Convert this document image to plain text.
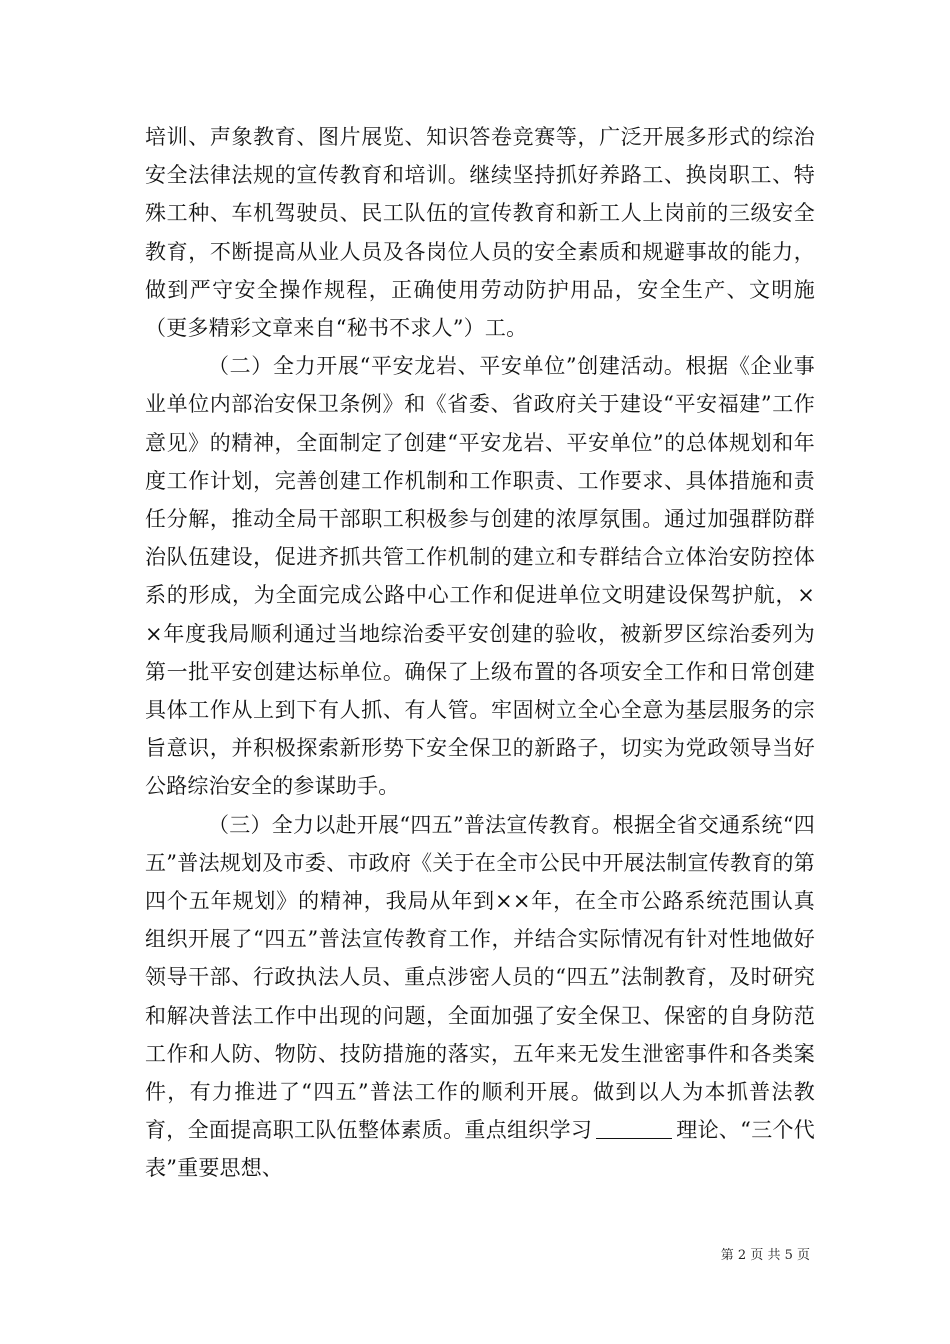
培训、声象教育、图片展览、知识答卷竞赛等，广泛开展多形式的综治安全法律法规的宣传教育和培训。继续坚持抓好养路工、换岗职工、特殊工种、车机驾驶员、民工队伍的宣传教育和新工人上岗前的三级安全教育，不断提高从业人员及各岗位人员的安全素质和规避事故的能力，做到严守安全操作规程，正确使用劳动防护用品，安全生产、文明施（更多精彩文章来自“秘书不求人”）工。

（二）全力开展“平安龙岩、平安单位”创建活动。根据《企业事业单位内部治安保卫条例》和《省委、省政府关于建设“平安福建”工作意见》的精神，全面制定了创建“平安龙岩、平安单位”的总体规划和年度工作计划，完善创建工作机制和工作职责、工作要求、具体措施和责任分解，推动全局干部职工积极参与创建的浓厚氛围。通过加强群防群治队伍建设，促进齐抓共管工作机制的建立和专群结合立体治安防控体系的形成，为全面完成公路中心工作和促进单位文明建设保驾护航，××年度我局顺利通过当地综治委平安创建的验收，被新罗区综治委列为第一批平安创建达标单位。确保了上级布置的各项安全工作和日常创建具体工作从上到下有人抓、有人管。牢固树立全心全意为基层服务的宗旨意识，并积极探索新形势下安全保卫的新路子，切实为党政领导当好公路综治安全的参谋助手。

（三）全力以赴开展“四五”普法宣传教育。根据全省交通系统“四五”普法规划及市委、市政府《关于在全市公民中开展法制宣传教育的第四个五年规划》的精神，我局从年到××年，在全市公路系统范围认真组织开展了“四五”普法宣传教育工作，并结合实际情况有针对性地做好领导干部、行政执法人员、重点涉密人员的“四五”法制教育，及时研究和解决普法工作中出现的问题，全面加强了安全保卫、保密的自身防范工作和人防、物防、技防措施的落实，五年来无发生泄密事件和各类案件，有力推进了“四五”普法工作的顺利开展。做到以人为本抓普法教育，全面提高职工队伍整体素质。重点组织学习	理论、“三个代表”重要思想、

第 2 页 共 5 页
